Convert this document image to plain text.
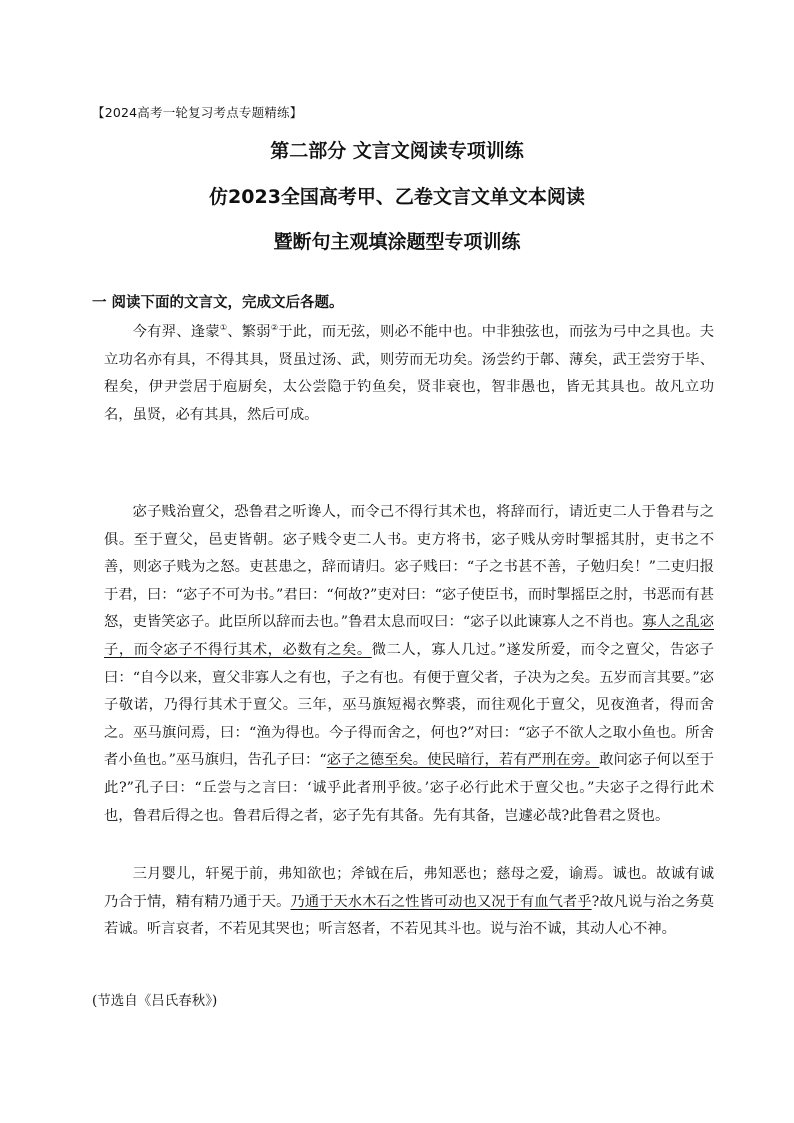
【2024高考一轮复习考点专题精练】
第二部分 文言文阅读专项训练
仿2023全国高考甲、乙卷文言文单文本阅读
暨断句主观填涂题型专项训练
一 阅读下面的文言文，完成文后各题。

今有羿、逢蒙①、繁弱②于此，而无弦，则必不能中也。中非独弦也，而弦为弓中之具也。夫立功名亦有具，不得其具，贤虽过汤、武，则劳而无功矣。汤尝约于郼、薄矣，武王尝穷于毕、程矣，伊尹尝居于庖厨矣，太公尝隐于钓鱼矣，贤非衰也，智非愚也，皆无其具也。故凡立功名，虽贤，必有其具，然后可成。

宓子贱治亶父，恐鲁君之听谗人，而令己不得行其术也，将辞而行，请近吏二人于鲁君与之俱。至于亶父，邑吏皆朝。宓子贱令吏二人书。吏方将书，宓子贱从旁时掣摇其肘，吏书之不善，则宓子贱为之怒。吏甚患之，辞而请归。宓子贱曰：“子之书甚不善，子勉归矣！”二吏归报于君，曰：“宓子不可为书。”君曰：“何故?”吏对曰：“宓子使臣书，而时掣摇臣之肘，书恶而有甚怒，吏皆笑宓子。此臣所以辞而去也。”鲁君太息而叹曰：“宓子以此谏寡人之不肖也。寡人之乱宓子，而令宓子不得行其术，必数有之矣。微二人，寡人几过。”遂发所爱，而令之亶父，告宓子曰：“自今以来，亶父非寡人之有也，子之有也。有便于亶父者，子决为之矣。五岁而言其要。”宓子敬诺，乃得行其术于亶父。三年，巫马旗短褐衣弊裘，而往观化于亶父，见夜渔者，得而舍之。巫马旗问焉，曰：“渔为得也。今子得而舍之，何也?”对曰：“宓子不欲人之取小鱼也。所舍者小鱼也。”巫马旗归，告孔子曰：“宓子之德至矣。使民暗行，若有严刑在旁。敢问宓子何以至于此?”孔子曰：“丘尝与之言曰：‘诚乎此者刑乎彼。’宓子必行此术于亶父也。”夫宓子之得行此术也，鲁君后得之也。鲁君后得之者，宓子先有其备。先有其备，岂遽必哉?此鲁君之贤也。

三月婴儿，轩冕于前，弗知欲也；斧钺在后，弗知恶也；慈母之爱，谕焉。诚也。故诚有诚乃合于情，精有精乃通于天。乃通于天水木石之性皆可动也又况于有血气者乎?故凡说与治之务莫若诚。听言哀者，不若见其哭也；听言怒者，不若见其斗也。说与治不诚，其动人心不神。

(节选自《吕氏春秋》)
